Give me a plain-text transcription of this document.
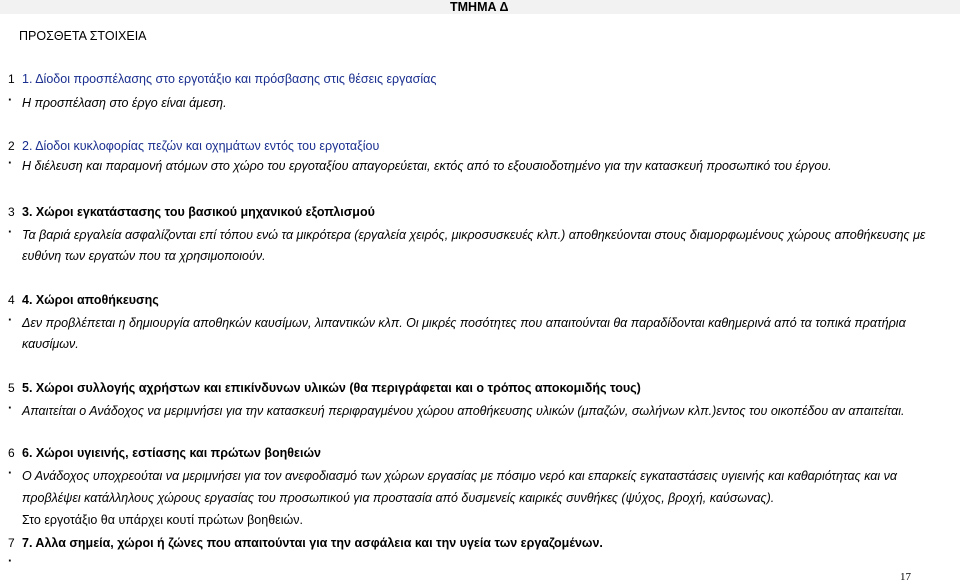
ΤΜΗΜΑ Δ
ΠΡΟΣΘΕΤΑ ΣΤΟΙΧΕΙΑ
1 1. Δίοδοι προσπέλασης στο εργοτάξιο και πρόσβασης στις θέσεις εργασίας
· Η προσπέλαση στο έργο είναι άμεση.
2 2. Δίοδοι κυκλοφορίας πεζών και οχημάτων εντός του εργοταξίου
· Η διέλευση και παραμονή ατόμων στο χώρο του εργοταξίου απαγορεύεται, εκτός από το εξουσιοδοτημένο για την κατασκευή προσωπικό του έργου.
3 3. Χώροι εγκατάστασης του βασικού μηχανικού εξοπλισμού
· Τα βαριά εργαλεία ασφαλίζονται επί τόπου ενώ τα μικρότερα (εργαλεία χειρός, μικροσυσκευές κλπ.) αποθηκεύονται στους διαμορφωμένους χώρους αποθήκευσης με
ευθύνη των εργατών που τα χρησιμοποιούν.
4 4. Χώροι αποθήκευσης
· Δεν προβλέπεται η δημιουργία αποθηκών καυσίμων, λιπαντικών κλπ. Οι μικρές ποσότητες που απαιτούνται θα παραδίδονται καθημερινά από τα τοπικά πρατήρια
καυσίμων.
5 5. Χώροι συλλογής αχρήστων και επικίνδυνων υλικών (θα περιγράφεται και ο τρόπος αποκομιδής τους)
· Απαιτείται ο Ανάδοχος να μεριμνήσει για την κατασκευή περιφραγμένου χώρου αποθήκευσης υλικών (μπαζών, σωλήνων κλπ.)εντος του οικοπέδου αν απαιτείται.
6 6. Χώροι υγιεινής, εστίασης και πρώτων βοηθειών
· Ο Ανάδοχος υποχρεούται να μεριμνήσει για τον ανεφοδιασμό των χώρων εργασίας με πόσιμο νερό και επαρκείς εγκαταστάσεις υγιεινής και καθαριότητας και να
προβλέψει κατάλληλους χώρους εργασίας του προσωπικού για προστασία από δυσμενείς καιρικές συνθήκες (ψύχος, βροχή, καύσωνας).
Στο εργοτάξιο θα υπάρχει κουτί πρώτων βοηθειών.
7 7. Αλλα σημεία, χώροι ή ζώνες που απαιτούνται για την ασφάλεια και την υγεία των εργαζομένων.
·
17
